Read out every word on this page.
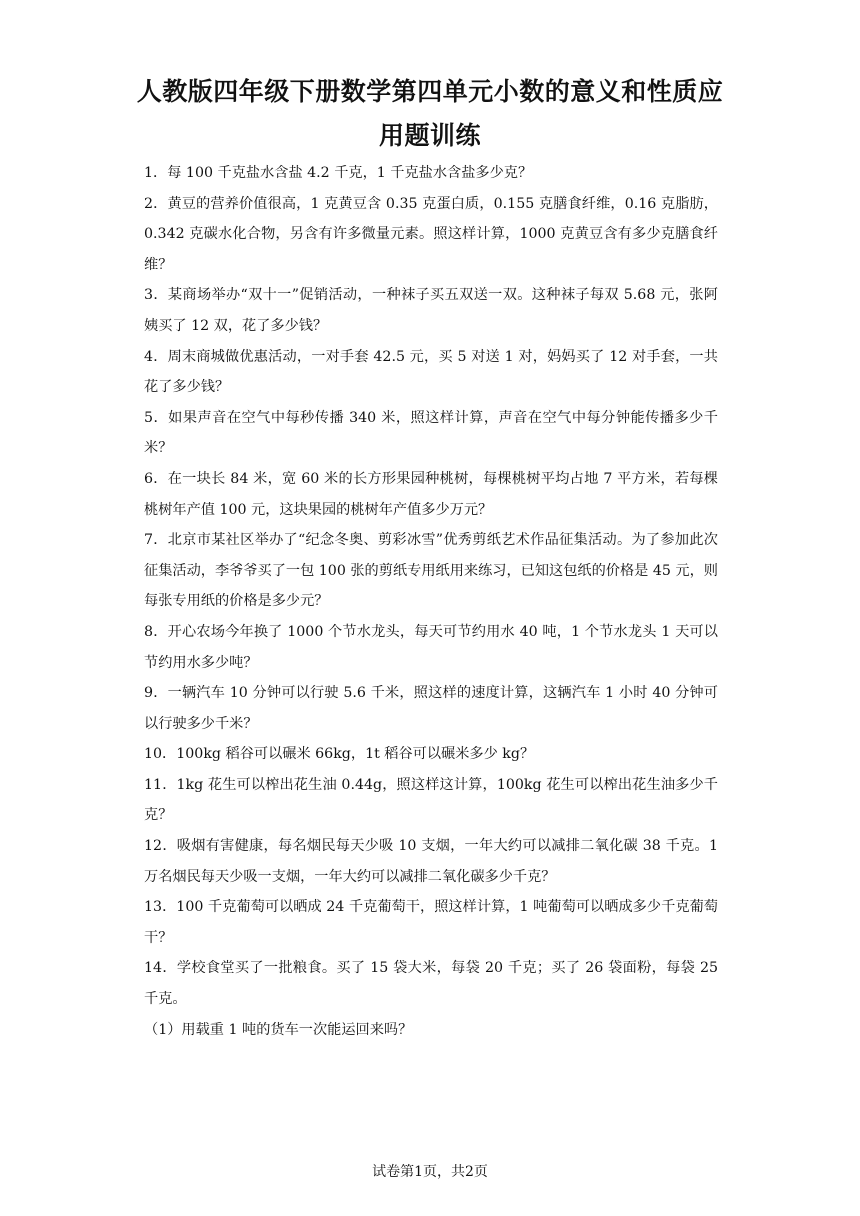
人教版四年级下册数学第四单元小数的意义和性质应用题训练

1．每 100 千克盐水含盐 4.2 千克，1 千克盐水含盐多少克？

2．黄豆的营养价值很高，1 克黄豆含 0.35 克蛋白质，0.155 克膳食纤维，0.16 克脂肪，0.342 克碳水化合物，另含有许多微量元素。照这样计算，1000 克黄豆含有多少克膳食纤维？

3．某商场举办“双十一”促销活动，一种袜子买五双送一双。这种袜子每双 5.68 元，张阿姨买了 12 双，花了多少钱？

4．周末商城做优惠活动，一对手套 42.5 元，买 5 对送 1 对，妈妈买了 12 对手套，一共花了多少钱？

5．如果声音在空气中每秒传播 340 米，照这样计算，声音在空气中每分钟能传播多少千米？

6．在一块长 84 米，宽 60 米的长方形果园种桃树，每棵桃树平均占地 7 平方米，若每棵桃树年产值 100 元，这块果园的桃树年产值多少万元？

7．北京市某社区举办了“纪念冬奥、剪彩冰雪”优秀剪纸艺术作品征集活动。为了参加此次征集活动，李爷爷买了一包 100 张的剪纸专用纸用来练习，已知这包纸的价格是 45 元，则每张专用纸的价格是多少元？

8．开心农场今年换了 1000 个节水龙头，每天可节约用水 40 吨，1 个节水龙头 1 天可以节约用水多少吨？

9．一辆汽车 10 分钟可以行驶 5.6 千米，照这样的速度计算，这辆汽车 1 小时 40 分钟可以行驶多少千米？

10．100kg 稻谷可以碾米 66kg，1t 稻谷可以碾米多少 kg？

11．1kg 花生可以榨出花生油 0.44g，照这样这计算，100kg 花生可以榨出花生油多少千克？

12．吸烟有害健康，每名烟民每天少吸 10 支烟，一年大约可以减排二氧化碳 38 千克。1 万名烟民每天少吸一支烟，一年大约可以减排二氧化碳多少千克？

13．100 千克葡萄可以晒成 24 千克葡萄干，照这样计算，1 吨葡萄可以晒成多少千克葡萄干？

14．学校食堂买了一批粮食。买了 15 袋大米，每袋 20 千克；买了 26 袋面粉，每袋 25 千克。

（1）用载重 1 吨的货车一次能运回来吗？

试卷第1页，共2页
